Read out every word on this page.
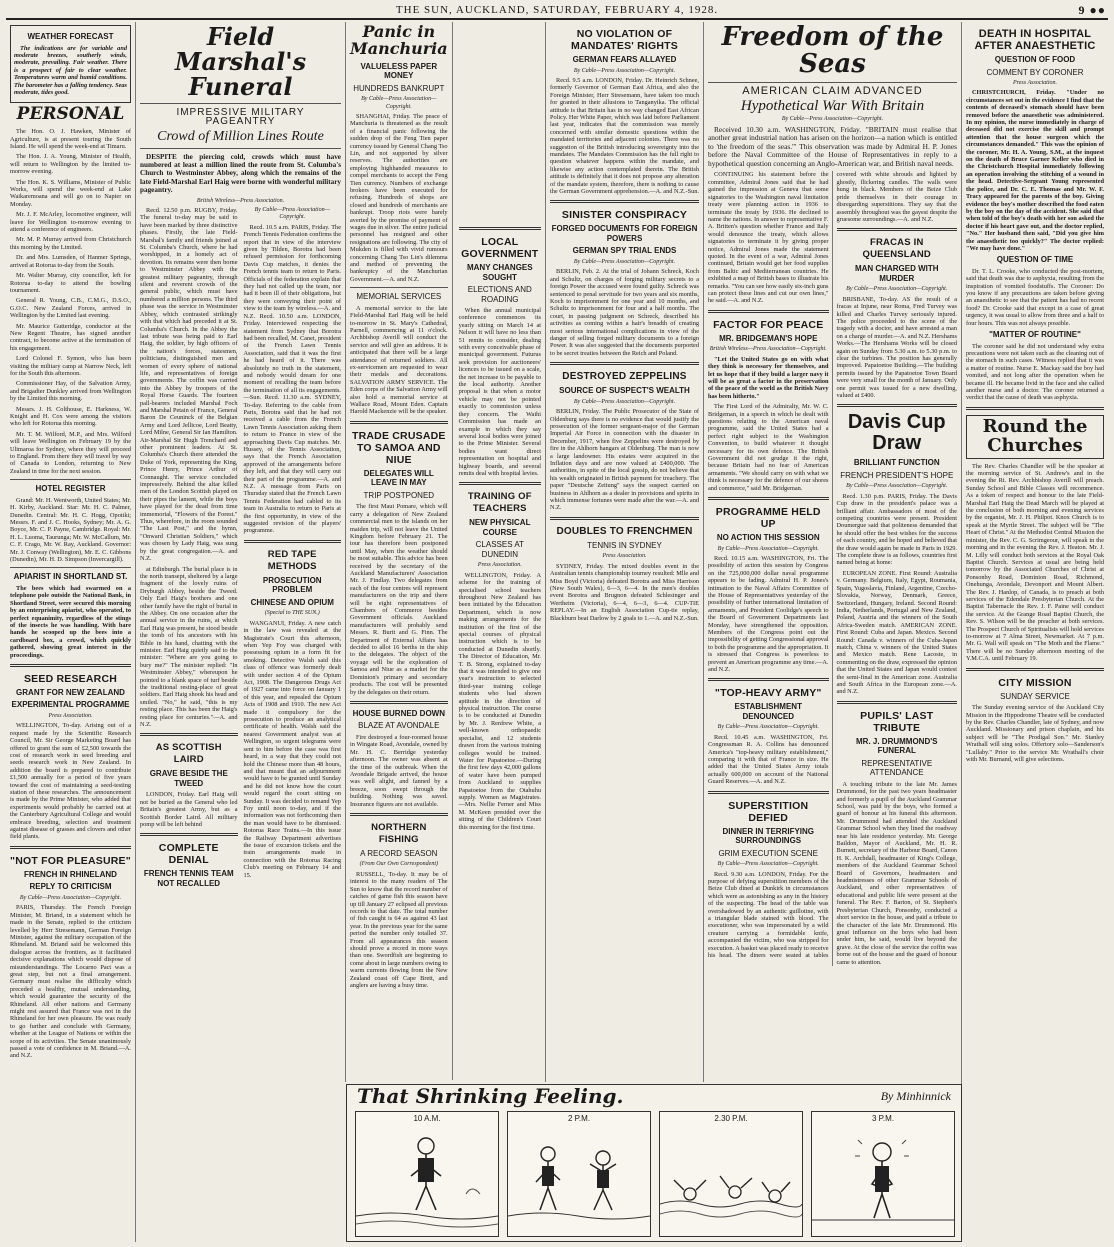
THE SUN, AUCKLAND, SATURDAY, FEBRUARY 4, 1928.	9 ● ●
WEATHER FORECAST

The indications are for variable and moderate breezes, southerly winds, moderate, prevailing. Fair weather. There is a prospect of fair to clear weather. Temperatures warm and humid conditions. The barometer has a falling tendency. Seas moderate, tides good.

PERSONAL

The Hon. O. J. Hawken, Minister of Agriculture, is at present touring the South Island. He will spend the week-end at Timaru.

The Hon. J. A. Young, Minister of Health, will return to Wellington by the limited to-morrow evening.

The Hon. K. S. Williams, Minister of Public Works, will spend the week-end at Lake Waikaremoana and will go on to Napier on Monday.

Mr. J. F. McArley, locomotive engineer, will leave for Wellington to-morrow evening to attend a conference of engineers.

Mr. M. P. Murray arrived from Christchurch this morning by the Limited.

Dr. and Mrs. Lumsden, of Hanmer Springs, arrived at Rotorua to-day from the South.

Mr. Walter Murray, city councillor, left for Rotorua to-day to attend the bowling tournament.

General R. Young, C.B., C.M.G., D.S.O., G.O.C. New Zealand Forces, arrived in Wellington by the Limited last evening.

Mr. Maurice Gutteridge, conductor at the New Regent Theatre, has signed another contract, to become active at the termination of his engagement.

Lord Colonel F. Symon, who has been visiting the military camp at Narrow Neck, left for the South this afternoon.

Commissioner Hay, of the Salvation Army, and Brigadier Dunkley arrived from Wellington by the Limited this morning.

Messrs. J. H. Colthouse, E. Harkness, W. Knight and H. Cox were among the visitors who left for Rotorua this morning.

Mr. T. M. Wilford, M.P., and Mrs. Wilford will leave Wellington on February 19 by the Ulimaroa for Sydney, where they will proceed to England. From there they will travel by way of Canada to London, returning to New Zealand in time for the next session.

HOTEL REGISTER

Grand: Mr. H. Wentworth, United States; Mr. H. Kirby, Auckland. Star: Mr. H. C. Palmer, Dunedin. Central: Mr. H. C. Hogg, Opotiki; Messrs. F. and J. C. Hooks, Sydney; Mr. A. G. Boyce, Mr. C. P. Payne, Cambridge. Royal: Mr. H. L. Luoma, Taurunga; Mr. W. McCallum, Mr. C. F. Crago, Mr. W. Ray, Auckland. Governor: Mr. J. Conway (Wellington), Mr. E. C. Gibbons (Dunedin), Mr. H. D. Simpson (Invercargill).

APIARIST IN SHORTLAND ST.

The bees which had swarmed on a telephone pole outside the National Bank, in Shortland Street, were secured this morning by an enterprising apiarist, who operated, to perfect equanimity, regardless of the stings of the insects he was handling. With bare hands he scooped up the bees into a cardboard box, a crowd, which quickly gathered, showing great interest in the proceedings.

SEED RESEARCH
GRANT FOR NEW ZEALAND
EXPERIMENTAL PROGRAMME
Press Association.

WELLINGTON, To-day. Arising out of a request made by the Scientific Research Council, Mr. Sir George Marketing Board has offered to grant the sum of £2,500 towards the cost of research work in seed breeding and seeds research work in New Zealand. In addition the board is prepared to contribute £1,500 annually for a period of five years toward the cost of maintaining a seed-testing station of these researches. The announcement is made by the Prime Minister, who added that experiments would probably be carried out at the Canterbury Agricultural College and would embrace breeding, selection and treatment against disease of grasses and clovers and other field plants.

"NOT FOR PLEASURE"
FRENCH IN RHINELAND
REPLY TO CRITICISM
By Cable—Press Association—Copyright.

PARIS, Thursday. The French Foreign Minister, M. Briand, in a statement which he made in the Senate, replied to the criticism levelled by Herr Stresemann, German Foreign Minister, against the military occupation of the Rhineland. M. Briand said he welcomed this dialogue across the frontiers, as it facilitated decisive explanations which would dispose of misunderstandings. The Locarno Pact was a great step, but not a final arrangement. Germany must realise the difficulty which preceded a healthy, mutual understanding, which would guarantee the security of the Rhineland. All other nations and Germany might rest assured that France was not in the Rhineland for her own pleasure. He was ready to go further and conclude with Germany, whether at the League of Nations or within the scope of its activities. The Senate unanimously passed a vote of confidence in M. Briand.—A. and N.Z.

Field Marshal's Funeral
IMPRESSIVE MILITARY PAGEANTRY
Crowd of Million Lines Route

DESPITE the piercing cold, crowds which must have numbered at least a million lined the route from St. Columba's Church to Westminster Abbey, along which the remains of the late Field-Marshal Earl Haig were borne with wonderful military pageantry.

British Wireless—Press Association.

Recd. 12.50 p.m. RUGBY, Friday. The funeral to-day may be said to have been marked by three distinctive phases. Firstly, the late Field-Marshal's family and friends joined at St. Columba's Church, where he had worshipped, in a homely act of devotion. Its remains were then borne to Westminster Abbey with the greatest military pageantry, through silent and reverent crowds of the general public, which must have numbered a million persons. The third phase was the service in Westminster Abbey, which contrasted strikingly with that which had preceded it at St. Columba's Church. In the Abbey the last tribute was being paid to Earl Haig, the soldier, by high officers of the nation's forces, statesmen, politicians, distinguished men and women of every sphere of national life, and representatives of foreign governments. The coffin was carried into the Abbey by troopers of the Royal Horse Guards. The fourteen pall-bearers included Marshal Foch and Marshal Petain of France, General Baron De Ceuninck of the Belgian Army and Lord Jellicoe, Lord Beatty, Lord Milne, General Sir Ian Hamilton. Air-Marshal Sir Hugh Trenchard and other prominent leaders. At St. Columba's Church there attended the Duke of York, representing the King, Prince Henry, Prince Arthur of Connaught. The service concluded impressively. Behind the altar killed men of the London Scottish played on their pipes the lament, while the boys have played for the dead from time immemorial, "Flowers of the Forest." Thus, wherefore, in the room sounded "The Last Post," and the hymn, "Onward Christian Soldiers," which was chosen by Lady Haig, was sung by the great congregation.—A. and N.Z.

at Edinburgh. The burial place is in the north transept, sheltered by a large fragment of the lovely ruins of Dryburgh Abbey, beside the Tweed. Only Earl Haig's brothers and one other family have the right of burial in the Abbey. On one occasion after the annual service in the ruins, at which Earl Haig was present, he stood beside the tomb of his ancestors with his Bible in his hand, chatting with the minister. Earl Haig quietly said to the minister: "Where are you going to bury me?" The minister replied: "In Westminster Abbey," whereupon he pointed to a blank space of turf beside the traditional resting-place of great soldiers. Earl Haig shook his head and smiled. "No," he said, "this is my resting place. This has been the Haig's resting place for centuries."—A. and N.Z.

AS SCOTTISH LAIRD
GRAVE BESIDE THE TWEED

LONDON, Friday. Earl Haig will not be buried as the General who led Britain's greatest Army, but as a Scottish Border Laird. All military pomp will be left behind

COMPLETE DENIAL
FRENCH TENNIS TEAM NOT RECALLED
By Cable—Press Association—Copyright.

Recd. 10.5 a.m. PARIS, Friday. The French Tennis Federation confirms the report that in view of the interview given by Tilden, Borotra had been refused permission for forthcoming Davis Cup matches, it denies the French tennis team to return to Paris. Officials of the federation explain that they had not called up the team, nor had it been ill of their obligations, but they were conveying their point of view to the team by wireless.—A. and N.Z. Recd. 10.50 a.m. LONDON, Friday. Interviewed respecting the statement from Sydney that Borotra had been recalled, M. Canet, president of the French Lawn Tennis Association, said that it was the first he had heard of it. There was absolutely no truth in the statement, and nobody would dream for one moment of recalling the team before the termination of all its engagements.—Sun. Recd. 11.30 a.m. SYDNEY, To-day. Referring to the cable from Paris, Borotra said that he had not received a cable from the French Lawn Tennis Association asking them to return to France in view of the approaching Davis Cup matches. Mr. Hussey, of the Tennis Association, says that the French Association approved of the arrangements before they left, and that they will carry out their part of the programme.—A. and N.Z. A message from Paris on Thursday stated that the French Lawn Tennis Federation had cabled to its team in Australia to return to Paris at the first opportunity, in view of the suggested revision of the players' programme.

RED TAPE METHODS
PROSECUTION PROBLEM
CHINESE AND OPIUM
(Special to THE SUN.)

WANGANUI, Friday. A new catch in the law was revealed at the Magistrate's Court this afternoon, when Yep Foy was charged with possessing opium in a form fit for smoking. Detective Walsh said this class of offence was formerly dealt with under section 4 of the Opium Act, 1908. The Dangerous Drugs Act of 1927 came into force on January 1 of this year, and repealed the Opium Acts of 1908 and 1910. The new Act made it compulsory for the prosecution to produce an analytical certificate of health. Walsh said the nearest Government analyst was at Wellington, so urgent telegrams were sent to him before the case was first heard, in a way that they could not hold the Chinese more than 48 hours, and that meant that an adjournment would have to be granted until Sunday and he did not know how the court would regard the court sitting on Sunday. It was decided to remand Yep Foy until noon to-day, and if the information was not forthcoming then the man would have to be dismissed. Rotorua Race Trains.—In this issue the Railway Department advertises the issue of excursion tickets and the train arrangements made in connection with the Rotorua Racing Club's meeting on February 14 and 15.

Panic in Manchuria
VALUELESS PAPER MONEY
HUNDREDS BANKRUPT
By Cable—Press Association—Copyright.

SHANGHAI, Friday. The peace of Manchuria is threatened as the result of a financial panic following the sudden drop of the Feng Tien paper currency issued by General Chang Tso Lin, and not supported by silver reserves. The authorities are employing highhanded measures to compel merchants to accept the Feng Tien currency. Numbers of exchange brokers have been executed for refusing. Hundreds of shops are closed and hundreds of merchants are bankrupt. Troop riots were barely averted by the promise of payment of wages due in silver. The entire judicial personnel has resigned and other resignations are following. The city of Mukden is filled with vivid rumours concerning Chang Tso Lin's dilemma and method of preventing the bankruptcy of the Manchurian Government.—A. and N.Z.

MEMORIAL SERVICES

A memorial service to the late Field-Marshal Earl Haig will be held to-morrow in St. Mary's Cathedral, Parnell, commencing at 11 o'clock. Archbishop Averill will conduct the service and will give an address. It is anticipated that there will be a large attendance of returned soldiers. All ex-servicemen are requested to wear their medals and decorations. SALVATION ARMY SERVICE. The Eden corps of the Salvation Army will also hold a memorial service at Wallace Road, Mount Eden. Captain Harold Mackenzie will be the speaker.

TRADE CRUSADE TO SAMOA AND NIUE
DELEGATES WILL LEAVE IN MAY
TRIP POSTPONED

The first Maui Pomare, which will carry a delegation of New Zealand commercial men to the islands on her maiden trip, will not leave the United Kingdom before February 21. The tour has therefore been postponed until May, when the weather should be most suitable. This advice has been received by the secretary of the Auckland Manufacturers' Association Mr. J. Findlay. Two delegates from each of the four centres will represent manufacturers on the trip and there will be eight representatives of Chambers of Commerce besides Government officials. Auckland manufacturers will probably send Messrs. R. Burtt and G. Finn. The Department of External Affairs has decided to allot 16 berths in the ship to the delegates. The object of the voyage will be the exploration of Samoa and Niue as a market for the Dominion's primary and secondary products. The cost will be presented by the delegates on their return.

HOUSE BURNED DOWN
BLAZE AT AVONDALE

Fire destroyed a four-roomed house in Wingate Road, Avondale, owned by Mr. H. C. Berridge yesterday afternoon. The owner was absent at the time of the outbreak. When the Avondale Brigade arrived, the house was well alight, and fanned by a breeze, soon swept through the building. Nothing was saved. Insurance figures are not available.

NORTHERN FISHING
A RECORD SEASON
(From Our Own Correspondent)

RUSSELL, To-day. It may be of interest to the many readers of The Sun to know that the record number of catches of game fish this season have up till January 27 eclipsed all previous records to that date. The total number of fish caught is 64 as against 43 last year. In the previous year for the same period the number only totalled 37. From all appearances this season should prove a record in more ways than one. Swordfish are beginning to come about in large numbers owing to warm currents flowing from the New Zealand coast off Cape Brett, and anglers are having a busy time.

LOCAL GOVERNMENT
MANY CHANGES SOUGHT
ELECTIONS AND ROADING

When the annual municipal conference commences its yearly sitting on March 14 at Nelson it will have no less than 51 remits to consider, dealing with every conceivable phase of municipal government. Futurus seek provision for auctioneers' licences to be issued on a scale, the net increase to be payable to the local authority. Another proposal is that when a motor vehicle may not be pointed exactly to commission unless they concern. The Waihi Commission has made an example in which they say several local bodies were joined to the Prime Minister. Several bodies want direct representation on hospital and highway boards, and several remits deal with hospital levies.

TRAINING OF TEACHERS
NEW PHYSICAL COURSE
CLASSES AT DUNEDIN
Press Association.

WELLINGTON, Friday. A scheme for the training of specialised school teachers throughout New Zealand has been initiated by the Education Department, which is now making arrangements for the institution of the first of the special courses of physical instruction which is to be conducted at Dunedin shortly. The Director of Education, Mr. T. B. Strong, explained to-day that it was intended to give one year's instruction to selected third-year training college students who had shown aptitude in the direction of physical instruction. The course is to be conducted at Dunedin by Mr. J. Renfrew White, a well-known orthopaedic specialist, and 12 students drawn from the various training colleges would be trained. Water for Papatoetoe.—During the first few days 42,000 gallons of water have been pumped from Auckland to supplies Papatoetoe from the Otahuhu supply. Women as Magistrates.—Mrs. Nellie Ferner and Miss M. McKeen presided over the sitting of the Children's Court this morning for the first time.

NO VIOLATION OF MANDATES' RIGHTS
GERMAN FEARS ALLAYED
By Cable—Press Association—Copyright.

Recd. 9.5 a.m. LONDON, Friday. Dr. Heinrich Schnee, formerly Governor of German East Africa, and also the Foreign Minister, Herr Stresemann, have taken too much for granted in their allusions to Tanganyika. The official attitude is that Britain has in no way changed East African Policy. Her White Paper, which was laid before Parliament last year, indicates that the commission was merely concerned with similar domestic questions within the mandated territories and adjacent colonies. There was no suggestion of the British introducing sovereignty into the mandates. The Mandates Commission has the full right to question whatever happens within the mandate, and likewise any action contemplated therein. The British attitude is definitely that it does not propose any alteration of the mandate system, therefore, there is nothing to cause the German Government apprehension.—A. and N.Z.-Sun.

SINISTER CONSPIRACY
FORGED DOCUMENTS FOR FOREIGN POWERS
GERMAN SPY TRIAL ENDS
By Cable—Press Association—Copyright.

BERLIN, Feb. 2. At the trial of Johann Schreck, Koch and Schultz, on charges of forging military secrets to a foreign Power the accused were found guilty. Schreck was sentenced to penal servitude for two years and six months, Koch to imprisonment for one year and 10 months, and Schultz to imprisonment for four and a half months. The court, in passing judgment on Schreck, described his activities as coming within a hair's breadth of creating most serious international complications in view of the danger of selling forged military documents to a foreign Power. It was also suggested that the documents purported to be secret treaties between the Reich and Poland.

DESTROYED ZEPPELINS
SOURCE OF SUSPECT'S WEALTH
By Cable—Press Association—Copyright.

BERLIN, Friday. The Public Prosecutor of the State of Oldenburg says there is no evidence that would justify the prosecution of the former sergeant-major of the German Imperial Air Force in connection with the disaster in December, 1917, when five Zeppelins were destroyed by fire in the Ahlhorn hangars at Oldenburg. The man is now a large landowner. His estates were acquired in the Inflation days and are now valued at £400,000. The authorities, in spite of the local gossip, do not believe that his wealth originated in British payment for treachery. The paper "Deutsche Zeitung" says the suspect carried on business in Ahlhorn as a dealer in provisions and spirits in which immense fortunes were made after the war.—A. and N.Z.

DOUBLES TO FRENCHMEN
TENNIS IN SYDNEY
Press Association.

SYDNEY, Friday. The mixed doubles event in the Australian tennis championship tourney resulted: Mlle and Miss Boyd (Victoria) defeated Borotra and Miss Harrison (New South Wales), 6—3, 6—4. In the men's doubles event Borotra and Brugnon defeated Schlesinger and Wertheim (Victoria), 6—4, 6—3, 6—4. CUP-TIE REPLAY.—In an English Association Cup-tie replay, Blackburn beat Darlow by 2 goals to 1.—A. and N.Z.-Sun.

Freedom of the Seas
AMERICAN CLAIM ADVANCED
Hypothetical War With Britain
By Cable—Press Association—Copyright.

Received 10.30 a.m. WASHINGTON, Friday. "BRITAIN must realise that another great industrial nation has arisen on the horizon—a nation which is entitled to 'the freedom of the seas.'" This observation was made by Admiral H. P. Jones before the Naval Committee of the House of Representatives in reply to a hypothetical question concerning an Anglo-American war, and British naval needs.

CONTINUING his statement before the committee, Admiral Jones said that he had gained the impression at Geneva that some signatories to the Washington naval limitation treaty were planning action in 1936 to terminate the treaty by 1936. He declined to name the nations. In answer to representative F. A. Britten's question whether France and Italy would denounce the treaty, which allows signatories to terminate it by giving proper notice, Admiral Jones made the statement quoted. In the event of a war, Admiral Jones continued, Britain would get her food supplies from Baltic and Mediterranean countries. He exhibited a map of British bases to illustrate his remarks. "You can see how easily six-inch guns can protect these lines and cut our own lines," he said.—A. and N.Z.

FACTOR FOR PEACE
MR. BRIDGEMAN'S HOPE
British Wireless—Press Association—Copyright.

"Let the United States go on with what they think is necessary for themselves, and let us hope that if they build a larger navy it will be as great a factor in the preservation of the peace of the world as the British Navy has been hitherto."

The First Lord of the Admiralty, Mr. W. C. Bridgeman, in a speech in which he dealt with questions relating to the American naval programme, said the United States had a perfect right subject to the Washington Convention, to build whatever it thought necessary for its own defence. The British Government did not grudge it the right, because Britain had no fear of American armaments. "We should carry on with what we think is necessary for the defence of our shores and commerce," said Mr. Bridgeman.

PROGRAMME HELD UP
NO ACTION THIS SESSION
By Cable—Press Association—Copyright.

Recd. 10.15 a.m. WASHINGTON, Fri. The possibility of action this session by Congress on the 725,000,000 dollar naval programme appears to be fading. Admiral H. P. Jones's intimation to the Naval Affairs Committee of the House of Representatives yesterday of the possibility of further international limitation of armaments, and President Coolidge's speech to the Board of Government Departments last Monday, have strengthened the opposition. Members of the Congress point out the impossibility of getting Congressional approval to both the programme and the appropriation. It is stressed that Congress is powerless to prevent an American programme any time.—A. and N.Z.

"TOP-HEAVY ARMY"
ESTABLISHMENT DENOUNCED
By Cable—Press Association—Copyright.

Recd. 10.45 a.m. WASHINGTON, Fri. Congressman R. A. Collins has denounced America's "top-heavy military establishment," comparing it with that of France in size. He added that the United States Army totals actually 600,000 on account of the National Guard Reserves.—A. and N.Z.

SUPERSTITION DEFIED
DINNER IN TERRIFYING SURROUNDINGS
GRIM EXECUTION SCENE
By Cable—Press Association—Copyright.

Recd. 9.30 a.m. LONDON, Friday. For the purpose of defying superstition members of the Beize Club dined at Dunkirk in circumstances which were as astonishing as any in the history of the suspecting. The head of the table was overshadowed by an authentic guillotine, with a triangular blade stained with blood. The executioner, who was impersonated by a wild creature carrying a formidable knife, accompanied the victim, who was stripped for execution. A basket was placed ready to receive his head. The diners were seated at tables covered with white shrouds and lighted by ghostly, flickering candles. The walls were hung in black. Members of the Beize Club pride themselves in their courage in disregarding superstitions. They say that the assembly throughout was the gayest despite the gruesome surroundings.—A. and N.Z.

FRACAS IN QUEENSLAND
MAN CHARGED WITH MURDER
By Cable—Press Association—Copyright.

BRISBANE, To-day. AS the result of a fracas at Injune, near Roma, Fred Turvey was killed and Charles Turvey seriously injured. The police proceeded to the scene of the tragedy with a doctor, and have arrested a man on a charge of murder.—A. and N.Z. Hershams Works.—The Hershams Works will be closed again on Sunday from 5.30 a.m. to 5.30 p.m. to clear the turbines. The position has generally improved. Papatoetoe Building.—The building permits issued by the Papatoetoe Town Board were very small for the month of January. Only one permit was issued for a new dwelling, valued at £400.

Davis Cup Draw
BRILLIANT FUNCTION
FRENCH PRESIDENT'S HOPE
By Cable—Press Association—Copyright.

Recd. 1.30 p.m. PARIS, Friday. The Davis Cup draw in the president's palace was a brilliant affair. Ambassadors of most of the competing countries were present. President Doumergue said that politeness demanded that he should offer the best wishes for the success of each country, and he hoped and believed that the draw would again be made in Paris in 1929. The complete draw is as follows, countries first named being at home:

EUROPEAN ZONE. First Round: Australia v. Germany. Belgium, Italy, Egypt, Roumania, Spain, Yugoslavia, Finland, Argentine, Czecho-Slovakia, Norway, Denmark, Greece, Switzerland, Hungary, Ireland. Second Round: India, Netherlands, Portugal and New Zealand, Poland, Austria and the winners of the South Africa-Sweden match. AMERICAN ZONE. First Round: Cuba and Japan. Mexico. Second Round: Canada v. winners of the Cuba-Japan match, China v. winners of the United States and Mexico match. Rene Lacoste, in commenting on the draw, expressed the opinion that the United States and Japan would contest the semi-final in the American zone. Australia and South Africa in the European zone.—A. and N.Z.

PUPILS' LAST TRIBUTE
MR. J. DRUMMOND'S FUNERAL
REPRESENTATIVE ATTENDANCE

A touching tribute to the late Mr. James Drummond, for the past two years headmaster and formerly a pupil of the Auckland Grammar School, was paid by the boys, who formed a guard of honour at his funeral this afternoon. Mr. Drummond had attended the Auckland Grammar School when they lined the roadway near his late residence yesterday. Mr. George Baildon, Mayor of Auckland, Mr. H. R. Burnett, secretary of the Harbour Board, Canon H. K. Archdall, headmaster of King's College, members of the Auckland Grammar School Board of Governors, headmasters and headmistresses of other Grammar Schools of Auckland, and other representatives of educational and public life were present at the funeral. The Rev. F. Barton, of St. Stephen's Presbyterian Church, Ponsonby, conducted a short service in the house, and paid a tribute to the character of the late Mr. Drummond. His great influence on the boys who had been under him, he said, would live beyond the grave. At the close of the service the coffin was borne out of the house and the guard of honour came to attention.

DEATH IN HOSPITAL AFTER ANAESTHETIC
QUESTION OF FOOD
COMMENT BY CORONER
Press Association.

CHRISTCHURCH, Friday. "Under no circumstances set out in the evidence I find that the contents of deceased's stomach should have been removed before the anaesthetic was administered. In my opinion, the nurse immediately in charge of deceased did not exercise the skill and prompt attention that the house surgeon which the circumstances demanded." This was the opinion of the coroner, Mr. H. A. Young, S.M., at the inquest on the death of Bruce Garner Keller who died in the Christchurch Hospital immediately following an operation involving the stitching of a wound in the head. Detective-Sergeant Young represented the police, and Dr. C. E. Thomas and Mr. W. F. Tracy appeared for the parents of the boy. Giving evidence the boy's mother described the food eaten by the boy on the day of the accident. She said that when told of the boy's death with her son asked the doctor if his heart gave out, and the doctor replied, "No." Her husband then said, "Did you give him the anaesthetic too quickly?" The doctor replied: "We may have done."

QUESTION OF TIME

Dr. T. L. Crooke, who conducted the post-mortem, said that death was due to asphyxia, resulting from the inspiration of vomited foodstuffs. The Coroner: Do you know if any precautions are taken before giving an anaesthetic to see that the patient has had no recent food? Dr. Crooke said that except in a case of great urgency, it was usual to allow from three and a half to four hours. This was not always possible.

"MATTER OF ROUTINE"

The coroner said he did not understand why extra precautions were not taken such as the cleaning out of the stomach in such cases. Witness replied that it was a matter of routine. Nurse E. Mackay said the boy had vomited, and not long after the operation when he became ill. He became livid in the face and she called another nurse and a doctor. The coroner returned a verdict that the cause of death was asphyxia.

Round the Churches

The Rev. Charles Chandler will be the speaker at the morning service of St. Andrew's and in the evening the Rt. Rev. Archbishop Averill will preach. Sunday School and Bible Classes will recommence. As a token of respect and honour to the late Field-Marshal Earl Haig the Dead March will be played at the conclusion of both morning and evening services by the organist, Mr. J. H. Philpot. Knox Church is to speak at the Myrtle Street. The subject will be "The Heart of Christ." At the Methodist Central Mission the minister, the Rev. C. G. Scrimgeour, will speak in the morning and in the evening the Rev. J. Heaton. Mr. J. M. Lilly will conduct both services at the Royal Oak Baptist Church. Services at usual are being held tomorrow by the Associated Churches of Christ at Ponsonby Road, Dominion Road, Richmond, Onehunga, Avondale, Devonport and Mount Albert. The Rev. J. Hanlop, of Canada, is to preach at both services of the Edendale Presbyterian Church. At the Baptist Tabernacle the Rev. J. F. Paine will conduct the service. At the Grange Road Baptist Church, the Rev. S. Wilson will be the preacher at both services. The Prospect Church of Spiritualists will hold services to-morrow at 7 Alma Street, Newmarket. At 7 p.m. Mr. G. Wall will speak on "The Moth and the Flame." There will be no Sunday afternoon meeting of the Y.M.C.A. until February 19.

CITY MISSION
SUNDAY SERVICE

The Sunday evening service of the Auckland City Mission in the Hippodrome Theatre will be conducted by the Rev. Charles Chandler, late of Sydney, and now Auckland. Missionary and prison chaplain, and his subject will be "The Prodigal Son." Mr. Stanley Wrathall will sing solos. Offertory solo—Sanderson's "Lullaby." Prior to the service Mr. Wrathall's choir with Mr. Burnand, will give selections.

That Shrinking Feeling.	By Minhinnick
10 A.M.	2 P.M.	2.30 P.M.	3 P.M.
